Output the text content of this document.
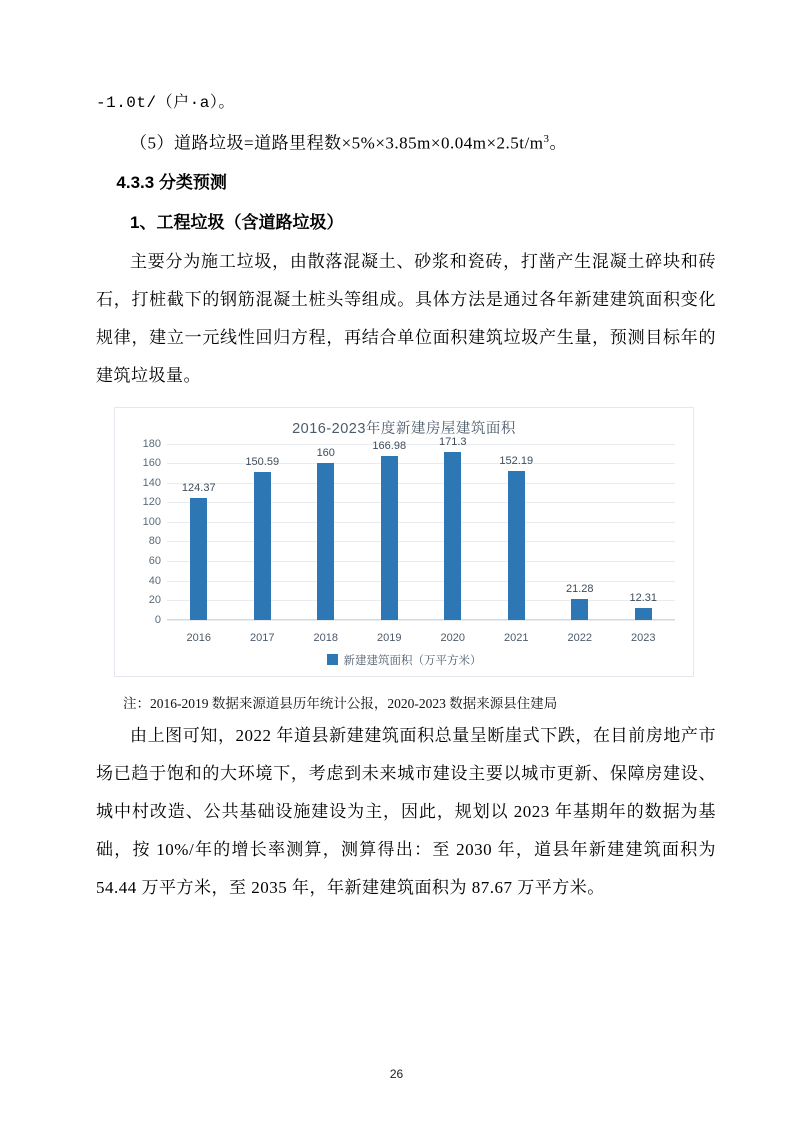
-1.0t/（户·a）。

（5）道路垃圾=道路里程数$\times 5\%\times 3.85m\times 0.04m\times 2.5t/m^3$。

4.3.3 分类预测

1、工程垃圾（含道路垃圾）

主要分为施工垃圾，由散落混凝土、砂浆和瓷砖，打凿产生混凝土碎块和砖石，打桩截下的钢筋混凝土桩头等组成。具体方法是通过各年新建建筑面积变化规律，建立一元线性回归方程，再结合单位面积建筑垃圾产生量，预测目标年的建筑垃圾量。

2016-2023年度新建房屋建筑面积
180
160
140
120
100
80
60
40
20
0
124.37
150.59
160
166.98	171.3
152.19
21.28
12.31
2016	2017	2018	2019	2020	2021	2022	2023
新建建筑面积（万平方米）

注：2016-2019 数据来源道县历年统计公报，2020-2023 数据来源县住建局

由上图可知，2022 年道县新建建筑面积总量呈断崖式下跌，在目前房地产市场已趋于饱和的大环境下，考虑到未来城市建设主要以城市更新、保障房建设、城中村改造、公共基础设施建设为主，因此，规划以 2023 年基期年的数据为基础，按 10%/年的增长率测算，测算得出：至 2030 年，道县年新建建筑面积为 54.44 万平方米，至 2035 年，年新建建筑面积为 87.67 万平方米。

26
